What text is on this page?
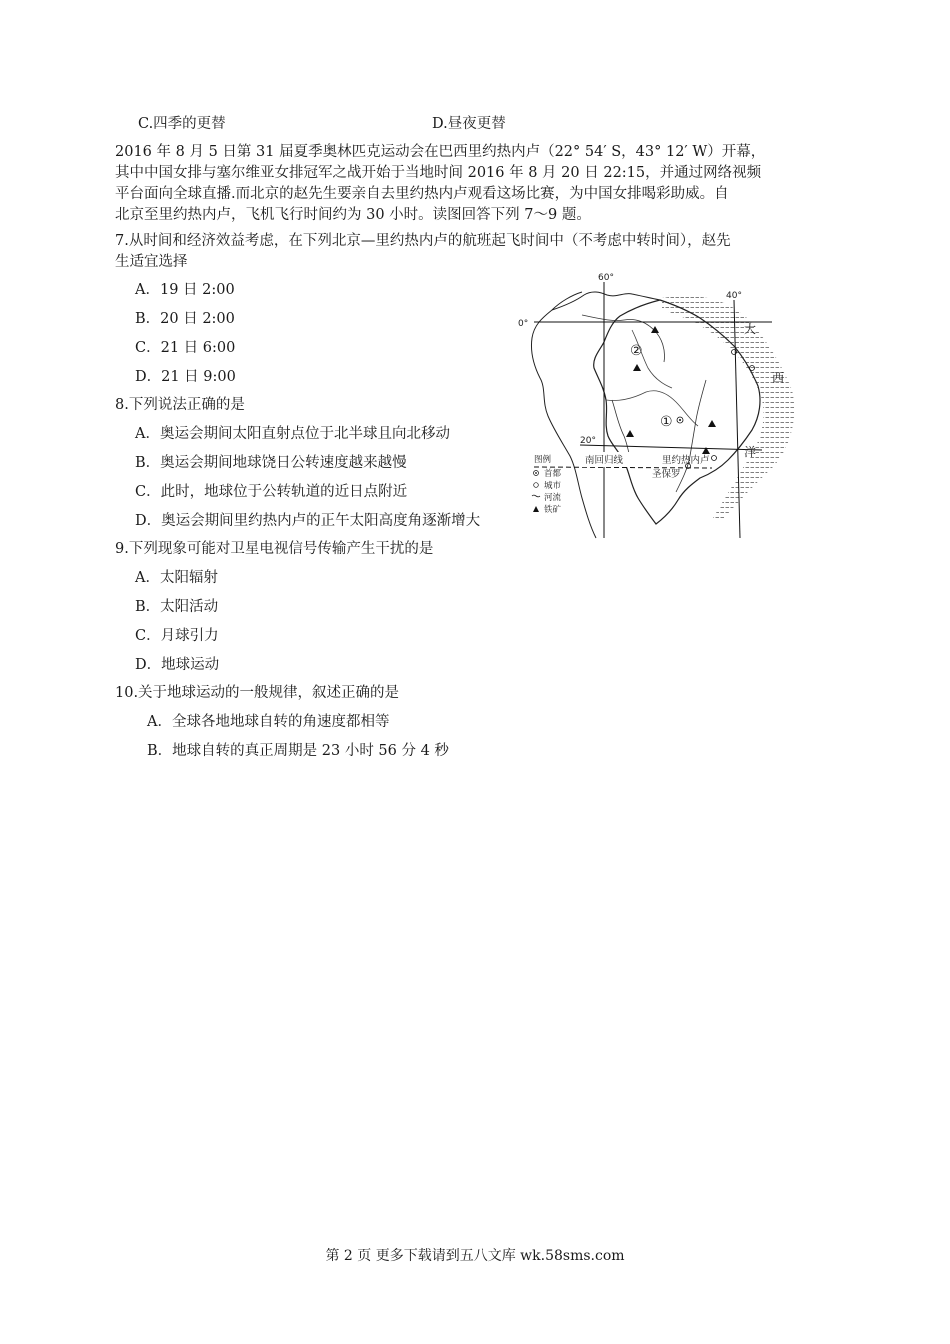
C.四季的更替	D.昼夜更替
2016 年 8 月 5 日第 31 届夏季奥林匹克运动会在巴西里约热内卢（22° 54′ S，43° 12′ W）开幕，
其中中国女排与塞尔维亚女排冠军之战开始于当地时间 2016 年 8 月 20 日 22:15，并通过网络视频
平台面向全球直播.而北京的赵先生要亲自去里约热内卢观看这场比赛，为中国女排喝彩助威。自
北京至里约热内卢，飞机飞行时间约为 30 小时。读图回答下列 7～9 题。
7.从时间和经济效益考虑，在下列北京—里约热内卢的航班起飞时间中（不考虑中转时间），赵先
生适宜选择
A．19 日 2:00
B．20 日 2:00
C．21 日 6:00
D．21 日 9:00
8.下列说法正确的是
A．奥运会期间太阳直射点位于北半球且向北移动
B．奥运会期间地球饶日公转速度越来越慢
C．此时，地球位于公转轨道的近日点附近
D．奥运会期间里约热内卢的正午太阳高度角逐渐增大
9.下列现象可能对卫星电视信号传输产生干扰的是
A．太阳辐射
B．太阳活动
C．月球引力
D．地球运动
10.关于地球运动的一般规律，叙述正确的是
A．全球各地地球自转的角速度都相等
B．地球自转的真正周期是 23 小时 56 分 4 秒
60°
40°
0°
20°
大
西
洋
②
①
南回归线	里约热内卢
圣保罗
图例
首都
城市
河流
铁矿
第 2 页 更多下载请到五八文库 wk.58sms.com
